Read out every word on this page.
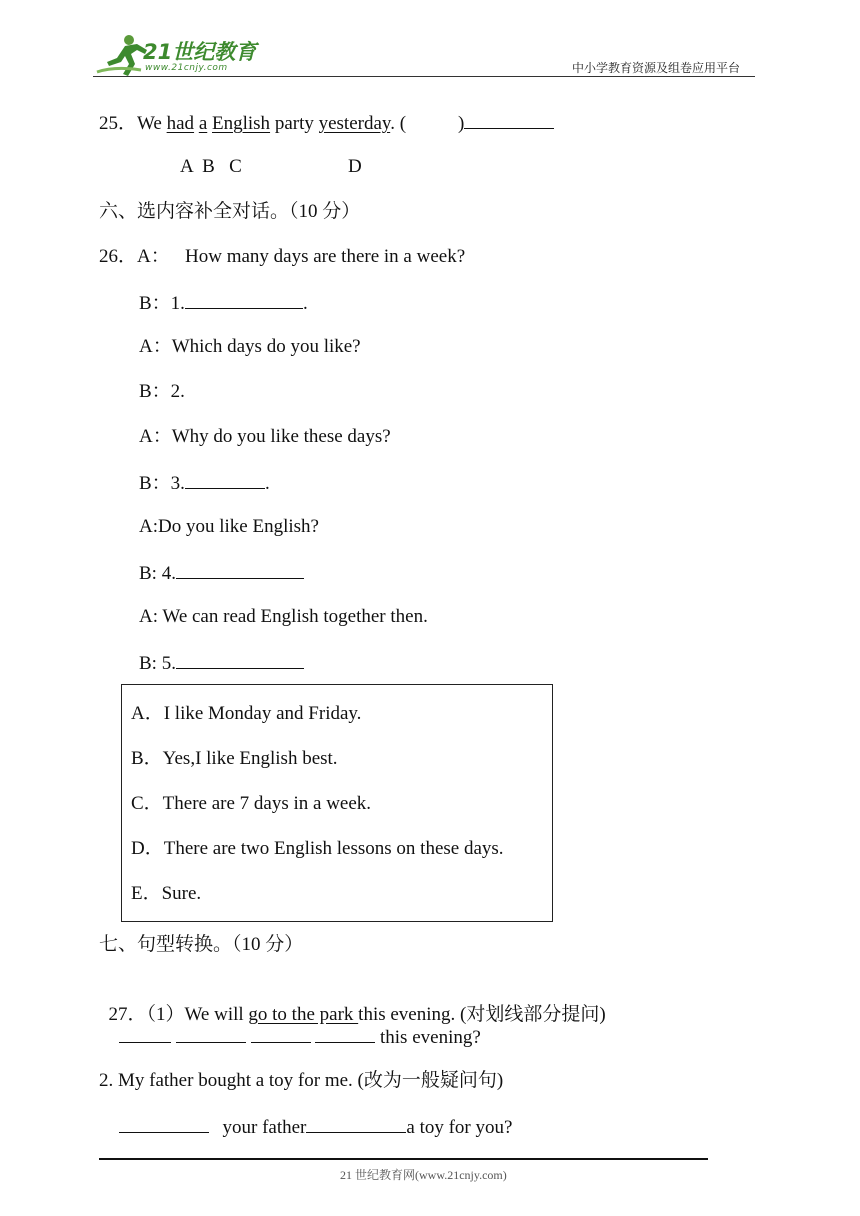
21世纪教育
www.21cnjy.com	中小学教育资源及组卷应用平台
25．We had a English party yesterday. (	)
A  B   C	D
六、选内容补全对话。（10 分）
26．A： How many days are there in a week?
B：1.	.
A：Which days do you like?
B：2.
A：Why do you like these days?
B：3.	.
A:Do you like English?
B: 4.
A: We can read English together then.
B: 5.
A．I like Monday and Friday.
B．Yes,I like English best.
C．There are 7 days in a week.
D．There are two English lessons on these days.
E．Sure.
七、句型转换。（10 分）

27．（1）We will go to the park this evening. (对划线部分提问)

this evening?
2. My father bought a toy for me. (改为一般疑问句)
your father	a toy for you?
21 世纪教育网(www.21cnjy.com)
